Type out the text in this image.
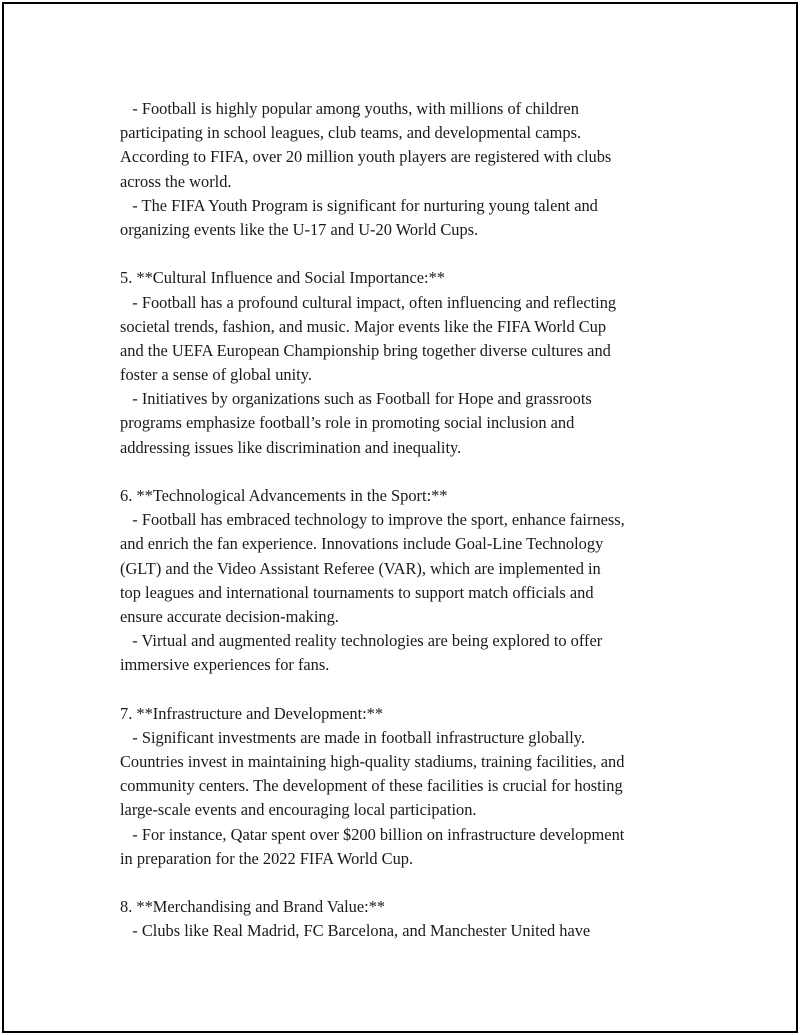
- Football is highly popular among youths, with millions of children
participating in school leagues, club teams, and developmental camps.
According to FIFA, over 20 million youth players are registered with clubs
across the world.
- The FIFA Youth Program is significant for nurturing young talent and
organizing events like the U-17 and U-20 World Cups.
5. **Cultural Influence and Social Importance:**
- Football has a profound cultural impact, often influencing and reflecting
societal trends, fashion, and music. Major events like the FIFA World Cup
and the UEFA European Championship bring together diverse cultures and
foster a sense of global unity.
- Initiatives by organizations such as Football for Hope and grassroots
programs emphasize football’s role in promoting social inclusion and
addressing issues like discrimination and inequality.
6. **Technological Advancements in the Sport:**
- Football has embraced technology to improve the sport, enhance fairness,
and enrich the fan experience. Innovations include Goal-Line Technology
(GLT) and the Video Assistant Referee (VAR), which are implemented in
top leagues and international tournaments to support match officials and
ensure accurate decision-making.
- Virtual and augmented reality technologies are being explored to offer
immersive experiences for fans.
7. **Infrastructure and Development:**
- Significant investments are made in football infrastructure globally.
Countries invest in maintaining high-quality stadiums, training facilities, and
community centers. The development of these facilities is crucial for hosting
large-scale events and encouraging local participation.
- For instance, Qatar spent over $200 billion on infrastructure development
in preparation for the 2022 FIFA World Cup.
8. **Merchandising and Brand Value:**
- Clubs like Real Madrid, FC Barcelona, and Manchester United have
